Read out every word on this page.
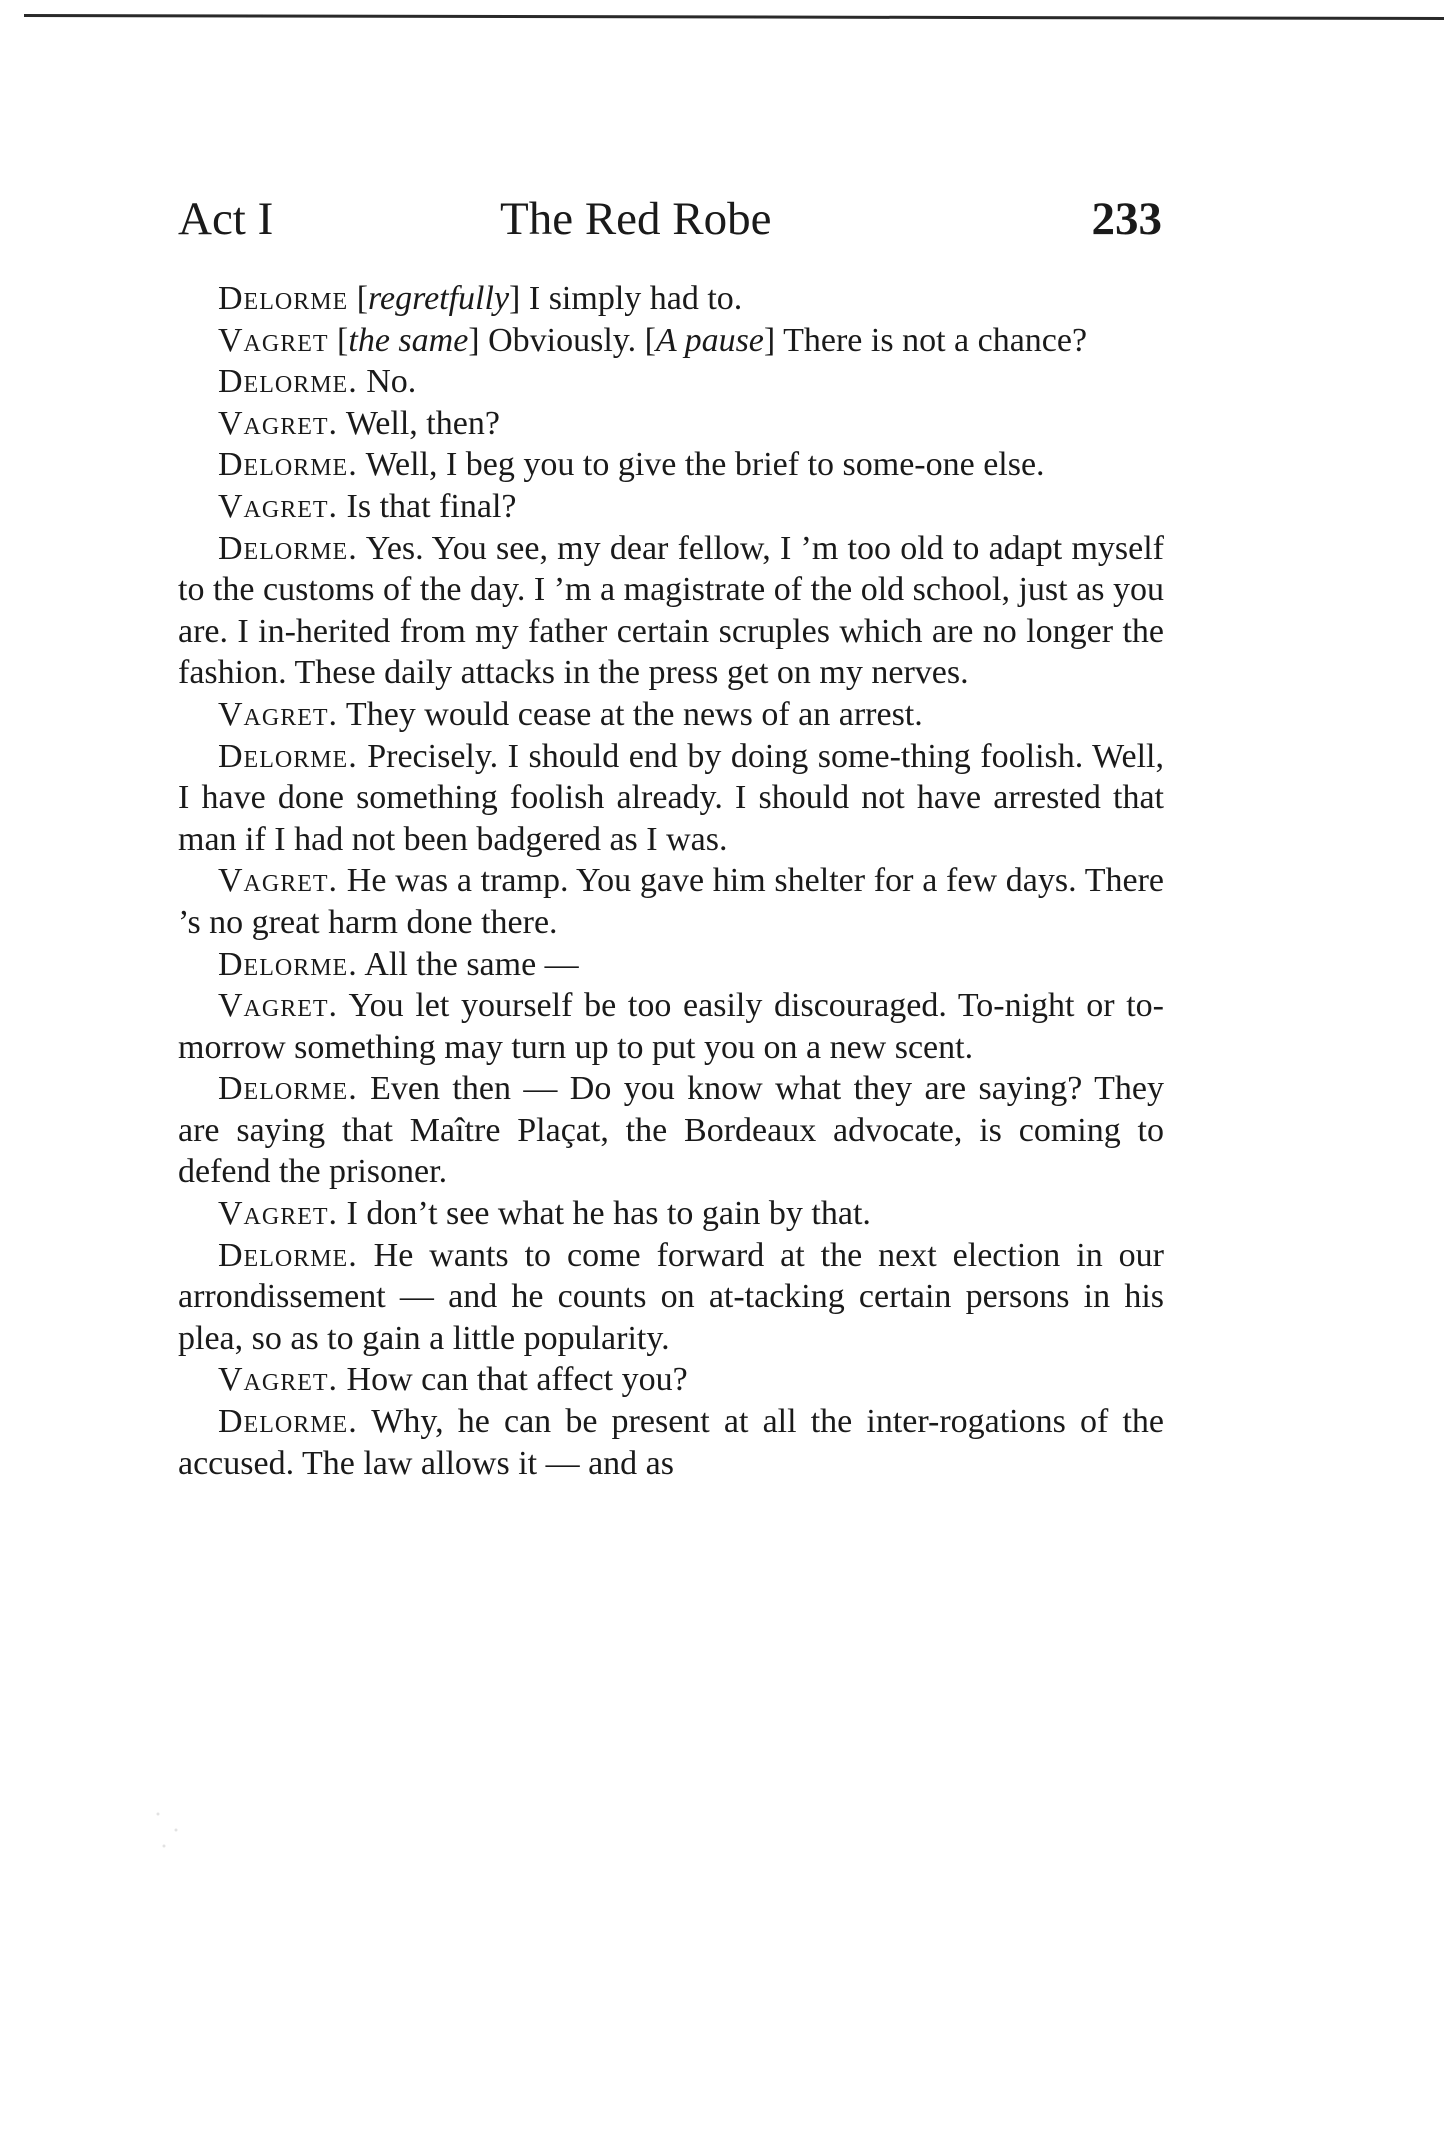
Act I	The Red Robe	233

Delorme [regretfully] I simply had to.

Vagret [the same] Obviously. [A pause] There is not a chance?

Delorme. No.

Vagret. Well, then?

Delorme. Well, I beg you to give the brief to some-one else.

Vagret. Is that final?

Delorme. Yes. You see, my dear fellow, I ’m too old to adapt myself to the customs of the day. I ’m a magistrate of the old school, just as you are. I in-herited from my father certain scruples which are no longer the fashion. These daily attacks in the press get on my nerves.

Vagret. They would cease at the news of an arrest.

Delorme. Precisely. I should end by doing some-thing foolish. Well, I have done something foolish already. I should not have arrested that man if I had not been badgered as I was.

Vagret. He was a tramp. You gave him shelter for a few days. There ’s no great harm done there.

Delorme. All the same —

Vagret. You let yourself be too easily discouraged. To-night or to-morrow something may turn up to put you on a new scent.

Delorme. Even then — Do you know what they are saying? They are saying that Maître Plaçat, the Bordeaux advocate, is coming to defend the prisoner.

Vagret. I don’t see what he has to gain by that.

Delorme. He wants to come forward at the next election in our arrondissement — and he counts on at-tacking certain persons in his plea, so as to gain a little popularity.

Vagret. How can that affect you?

Delorme. Why, he can be present at all the inter-rogations of the accused. The law allows it — and as
